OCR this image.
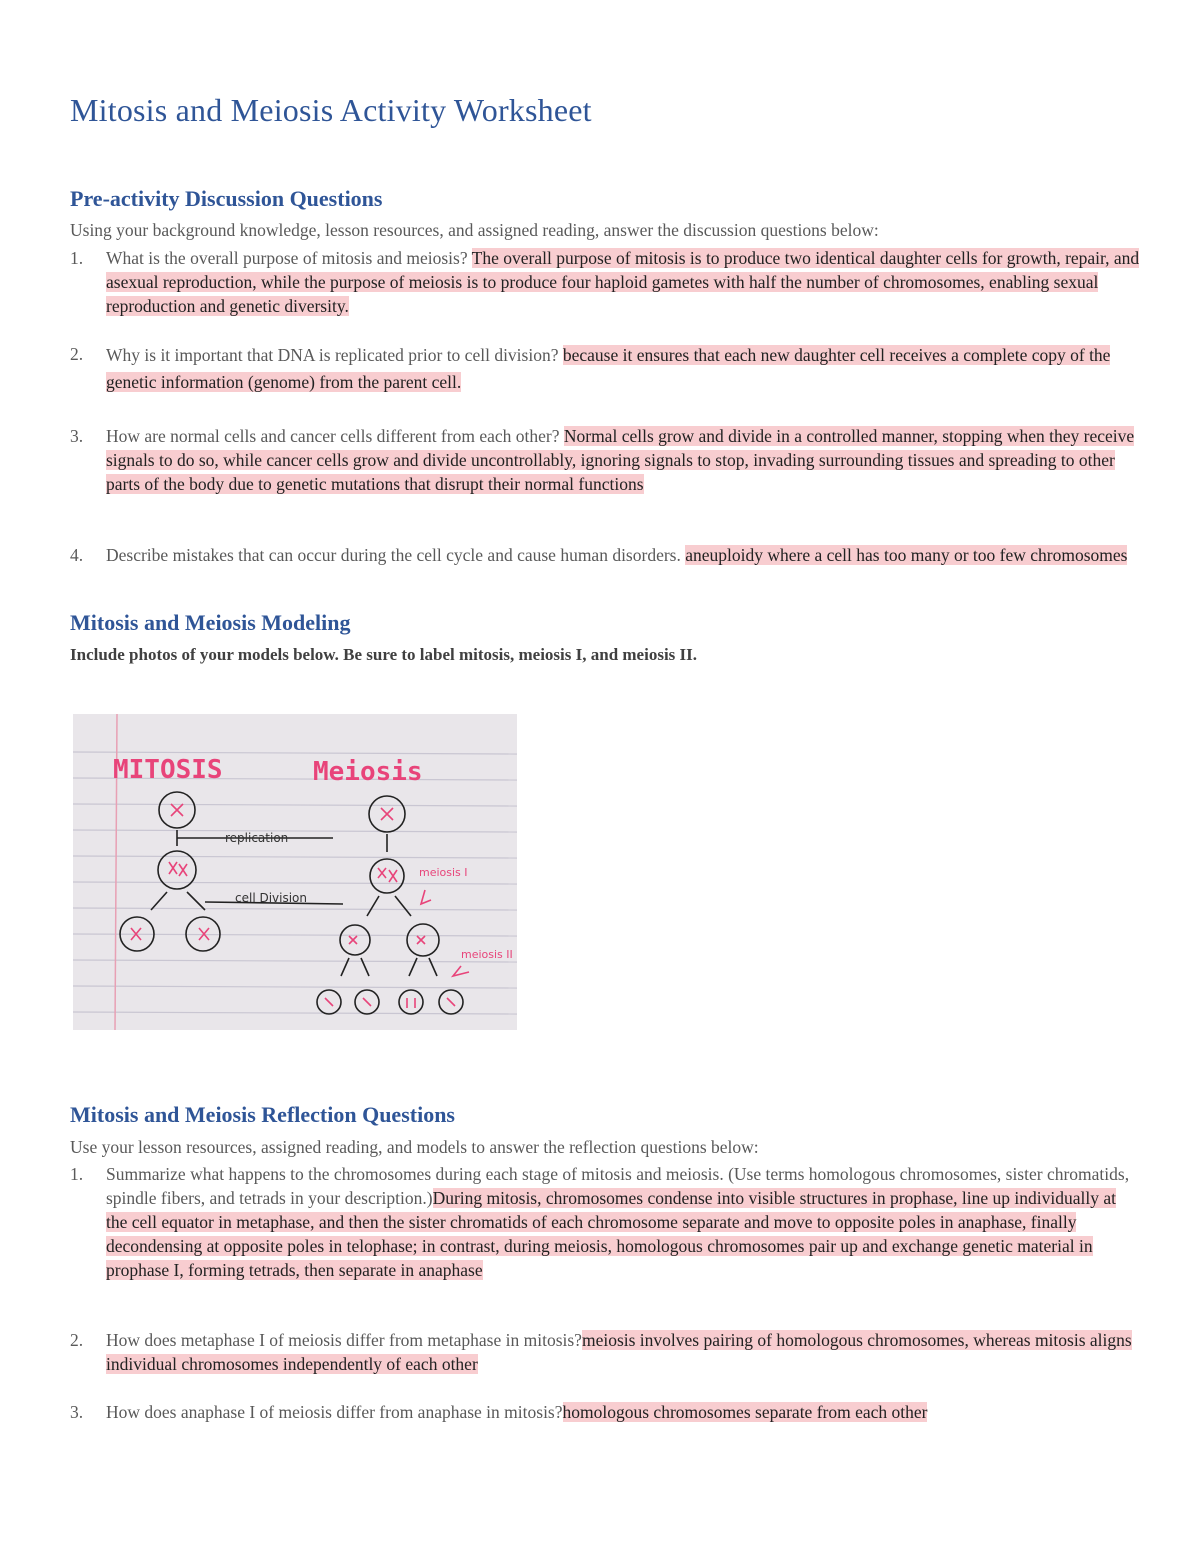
Mitosis and Meiosis Activity Worksheet
Pre-activity Discussion Questions

Using your background knowledge, lesson resources, and assigned reading, answer the discussion questions below:

1.	What is the overall purpose of mitosis and meiosis? The overall purpose of mitosis is to produce two identical daughter cells for growth, repair, and asexual reproduction, while the purpose of meiosis is to produce four haploid gametes with half the number of chromosomes, enabling sexual reproduction and genetic diversity.
2.	Why is it important that DNA is replicated prior to cell division? because it ensures that each new daughter cell receives a complete copy of the genetic information (genome) from the parent cell.
3.	How are normal cells and cancer cells different from each other? Normal cells grow and divide in a controlled manner, stopping when they receive signals to do so, while cancer cells grow and divide uncontrollably, ignoring signals to stop, invading surrounding tissues and spreading to other parts of the body due to genetic mutations that disrupt their normal functions
4.	Describe mistakes that can occur during the cell cycle and cause human disorders. aneuploidy where a cell has too many or too few chromosomes
Mitosis and Meiosis Modeling

Include photos of your models below. Be sure to label mitosis, meiosis I, and meiosis II.

MITOSIS	Meiosis
replication
cell Division
meiosis I
meiosis II
Mitosis and Meiosis Reflection Questions

Use your lesson resources, assigned reading, and models to answer the reflection questions below:

1.	Summarize what happens to the chromosomes during each stage of mitosis and meiosis. (Use terms homologous chromosomes, sister chromatids, spindle fibers, and tetrads in your description.)During mitosis, chromosomes condense into visible structures in prophase, line up individually at the cell equator in metaphase, and then the sister chromatids of each chromosome separate and move to opposite poles in anaphase, finally decondensing at opposite poles in telophase; in contrast, during meiosis, homologous chromosomes pair up and exchange genetic material in prophase I, forming tetrads, then separate in anaphase
2.	How does metaphase I of meiosis differ from metaphase in mitosis?meiosis involves pairing of homologous chromosomes, whereas mitosis aligns individual chromosomes independently of each other
3.	How does anaphase I of meiosis differ from anaphase in mitosis?homologous chromosomes separate from each other
